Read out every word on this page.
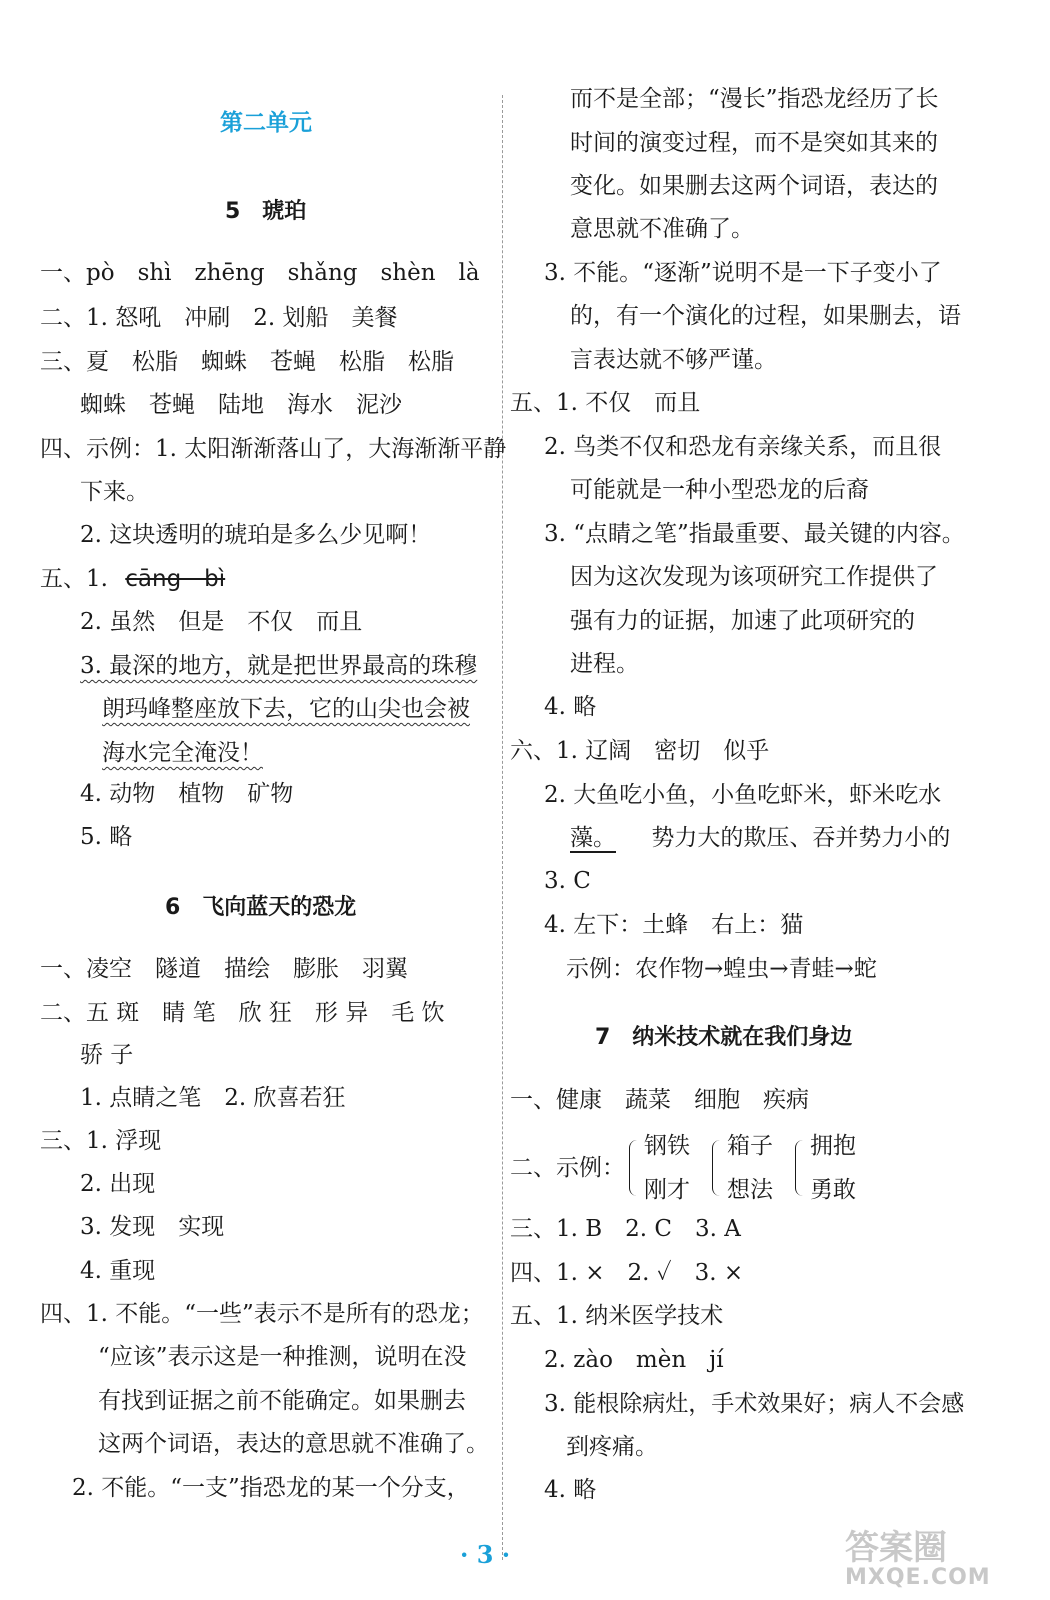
第二单元
5　琥珀
一、pò　shì　zhēng　shǎng　shèn　là
二、1. 怒吼　冲刷　2. 划船　美餐
三、夏　松脂　蜘蛛　苍蝇　松脂　松脂
蜘蛛　苍蝇　陆地　海水　泥沙
四、示例：1. 太阳渐渐落山了，大海渐渐平静
下来。
2. 这块透明的琥珀是多么少见啊！
五、1. cāng　bì
2. 虽然　但是　不仅　而且
3. 最深的地方，就是把世界最高的珠穆
朗玛峰整座放下去，它的山尖也会被
海水完全淹没！
4. 动物　植物　矿物
5. 略
6　飞向蓝天的恐龙
一、凌空　隧道　描绘　膨胀　羽翼
二、五 斑　睛 笔　欣 狂　形 异　毛 饮
骄 子
1. 点睛之笔　2. 欣喜若狂
三、1. 浮现
2. 出现
3. 发现　实现
4. 重现
四、1. 不能。“一些”表示不是所有的恐龙；
“应该”表示这是一种推测，说明在没
有找到证据之前不能确定。如果删去
这两个词语，表达的意思就不准确了。
2. 不能。“一支”指恐龙的某一个分支，
而不是全部；“漫长”指恐龙经历了长
时间的演变过程，而不是突如其来的
变化。如果删去这两个词语，表达的
意思就不准确了。
3. 不能。“逐渐”说明不是一下子变小了
的，有一个演化的过程，如果删去，语
言表达就不够严谨。
五、1. 不仅　而且
2. 鸟类不仅和恐龙有亲缘关系，而且很
可能就是一种小型恐龙的后裔
3. “点睛之笔”指最重要、最关键的内容。
因为这次发现为该项研究工作提供了
强有力的证据，加速了此项研究的
进程。
4. 略
六、1. 辽阔　密切　似乎
2. 大鱼吃小鱼，小鱼吃虾米，虾米吃水
藻。 势力大的欺压、吞并势力小的
3. C
4. 左下：土蜂　右上：猫
示例：农作物→蝗虫→青蛙→蛇
7　纳米技术就在我们身边
一、健康　蔬菜　细胞　疾病
二、示例：钢铁
刚才箱子
想法拥抱
勇敢
三、1. B　2. C　3. A
四、1. ×　2. ✓　3. ×
五、1. 纳米医学技术
2. zào　mèn　jí
3. 能根除病灶，手术效果好；病人不会感
到疼痛。
4. 略
· 3 ·	答案圈
MXQE.COM
